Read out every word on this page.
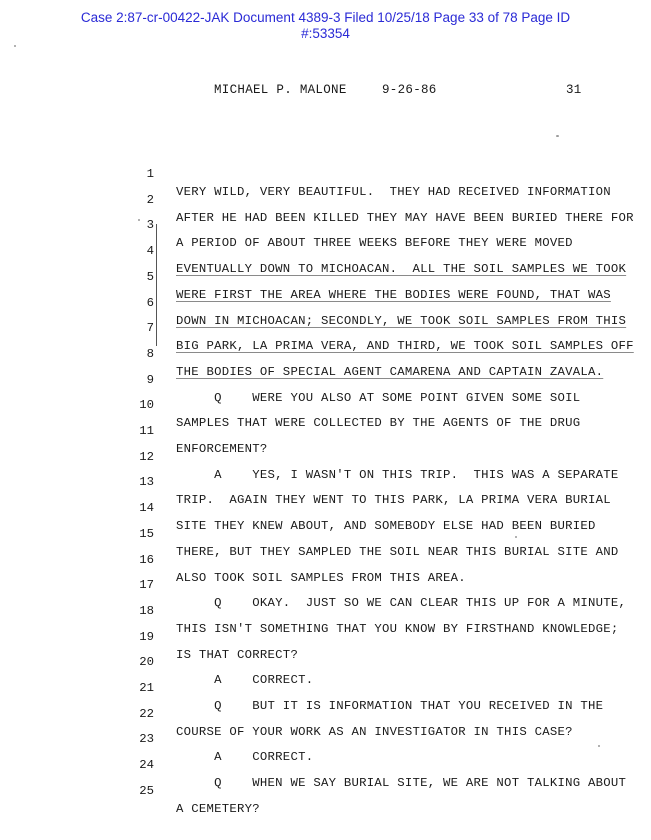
Case 2:87-cr-00422-JAK Document 4389-3 Filed 10/25/18 Page 33 of 78 Page ID
#:53354
MICHAEL P. MALONE	9-26-86	31

1

VERY WILD, VERY BEAUTIFUL.  THEY HAD RECEIVED INFORMATION

2

AFTER HE HAD BEEN KILLED THEY MAY HAVE BEEN BURIED THERE FOR

3

A PERIOD OF ABOUT THREE WEEKS BEFORE THEY WERE MOVED

4

EVENTUALLY DOWN TO MICHOACAN.  ALL THE SOIL SAMPLES WE TOOK

5

WERE FIRST THE AREA WHERE THE BODIES WERE FOUND, THAT WAS

6

DOWN IN MICHOACAN; SECONDLY, WE TOOK SOIL SAMPLES FROM THIS

7

BIG PARK, LA PRIMA VERA, AND THIRD, WE TOOK SOIL SAMPLES OFF

8

THE BODIES OF SPECIAL AGENT CAMARENA AND CAPTAIN ZAVALA.

9

Q    WERE YOU ALSO AT SOME POINT GIVEN SOME SOIL

10

SAMPLES THAT WERE COLLECTED BY THE AGENTS OF THE DRUG

11

ENFORCEMENT?

12

A    YES, I WASN'T ON THIS TRIP.  THIS WAS A SEPARATE

13

TRIP.  AGAIN THEY WENT TO THIS PARK, LA PRIMA VERA BURIAL

14

SITE THEY KNEW ABOUT, AND SOMEBODY ELSE HAD BEEN BURIED

15

THERE, BUT THEY SAMPLED THE SOIL NEAR THIS BURIAL SITE AND

16

ALSO TOOK SOIL SAMPLES FROM THIS AREA.

17

Q    OKAY.  JUST SO WE CAN CLEAR THIS UP FOR A MINUTE,

18

THIS ISN'T SOMETHING THAT YOU KNOW BY FIRSTHAND KNOWLEDGE;

19

IS THAT CORRECT?

20

A    CORRECT.

21

Q    BUT IT IS INFORMATION THAT YOU RECEIVED IN THE

22

COURSE OF YOUR WORK AS AN INVESTIGATOR IN THIS CASE?

23

A    CORRECT.

24

Q    WHEN WE SAY BURIAL SITE, WE ARE NOT TALKING ABOUT

25

A CEMETERY?
